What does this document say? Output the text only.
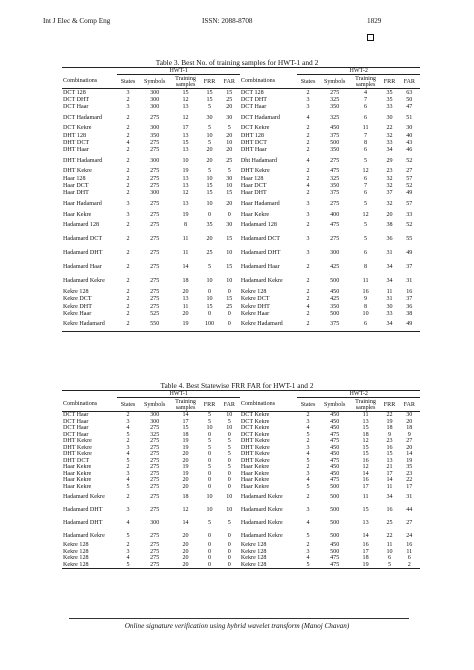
Int J Elec & Comp Eng	ISSN: 2088-8708	1829
Table 3. Best No. of training samples for HWT-1 and 2
	HWT-1						HWT-2				
Combinations	States	Symbols	Training samples	FRR	FAR	Combinations	States	Symbols	Training samples	FRR	FAR
DCT 128	3	300	15	15	15	DCT 128	2	275	4	35	63
DCT DHT	2	300	12	15	25	DCT DHT	3	325	7	35	50
DCT Haar	3	300	13	5	20	DCT Haar	3	350	6	33	47
DCT Hadamard	2	275	12	30	30	DCT Hadamard	4	325	6	30	51
DCT Kekre	2	300	17	5	5	DCT Kekre	2	450	11	22	30
DHT 128	2	350	13	10	20	DHT 128	2	375	7	32	40
DHT DCT	4	275	15	5	10	DHT DCT	2	500	8	33	43
DHT Haar	2	275	13	20	20	DHT Haar	2	350	6	34	46
DHT Hadamard	2	300	10	20	25	Dht Hadamard	4	275	5	29	52
DHT Kekre	2	275	19	5	5	DHT Kekre	2	475	12	23	27
Haar 128	2	275	13	10	30	Haar 128	2	325	6	32	57
Haar DCT	2	275	13	15	10	Haar DCT	4	350	7	32	52
Haar DHT	2	300	12	15	15	Haar DHT	2	375	6	37	49
Haar Hadamard	3	275	13	10	20	Haar Hadamard	3	275	5	32	57
Haar Kekre	3	275	19	0	0	Haar Kekre	3	400	12	20	33
Hadamard 128	2	275	8	35	30	Hadamard 128	2	475	5	38	52
Hadamard DCT	2	275	11	20	15	Hadamard DCT	3	275	5	36	55
Hadamard DHT	2	275	11	25	10	Hadamard DHT	3	300	6	31	49
Hadamard Haar	2	275	14	5	15	Hadamard Haar	2	425	8	34	37
Hadamard Kekre	2	275	18	10	10	Hadamard Kekre	2	500	11	34	31
Kekre 128	2	275	20	0	0	Kekre 128	2	450	16	11	16
Kekre DCT	2	275	13	10	15	Kekre DCT	2	425	9	31	37
Kekre DHT	2	275	11	15	25	Kekre DHT	4	350	8	30	36
Kekre Haar	2	525	20	0	0	Kekre Haar	2	500	10	33	38
Kekre Hadamard	2	550	19	100	0	Kekre Hadamard	2	375	6	34	49
Table 4. Best Statewise FRR FAR for HWT-1 and 2
	HWT-1						HWT-2				
Combinations	States	Symbols	Training samples	FRR	FAR	Combinations	States	Symbols	Training samples	FRR	FAR
DCT Haar	2	300	14	5	10	DCT Kekre	2	450	11	22	30
DCT Haar	3	300	17	5	5	DCT Kekre	3	450	13	19	20
DCT Haar	4	275	15	10	10	DCT Kekre	4	450	15	18	18
DCT Haar	5	325	18	0	0	DCT Kekre	5	475	18	9	9
DHT Kekre	2	275	19	5	5	DHT Kekre	2	475	12	23	27
DHT Kekre	3	275	19	5	5	DHT Kekre	3	450	15	16	20
DHT Kekre	4	275	20	0	5	DHT Kekre	4	450	15	15	14
DHT DCT	5	275	20	0	0	DHT Kekre	5	475	16	13	19
Haar Kekre	2	275	19	5	5	Haar Kekre	2	450	12	21	35
Haar Kekre	3	275	19	0	0	Haar Kekre	3	450	14	17	23
Haar Kekre	4	275	20	0	0	Haar Kekre	4	475	16	14	22
Haar Kekre	5	275	20	0	0	Haar Kekre	5	500	17	11	17
Hadamard Kekre	2	275	18	10	10	Hadamard Kekre	2	500	11	34	31
Hadamard DHT	3	275	12	10	10	Hadamard Kekre	3	500	15	16	44
Hadamard DHT	4	300	14	5	5	Hadamard Kekre	4	500	13	25	27
Hadamard Kekre	5	275	20	0	0	Hadamard Kekre	5	500	14	22	24
Kekre 128	2	275	20	0	0	Kekre 128	2	450	16	11	16
Kekre 128	3	275	20	0	0	Kekre 128	3	500	17	10	11
Kekre 128	4	275	20	0	0	Kekre 128	4	475	18	6	6
Kekre 128	5	275	20	0	0	Kekre 128	5	475	19	5	2
Online signature verification using hybrid wavelet transform (Manoj Chavan)
